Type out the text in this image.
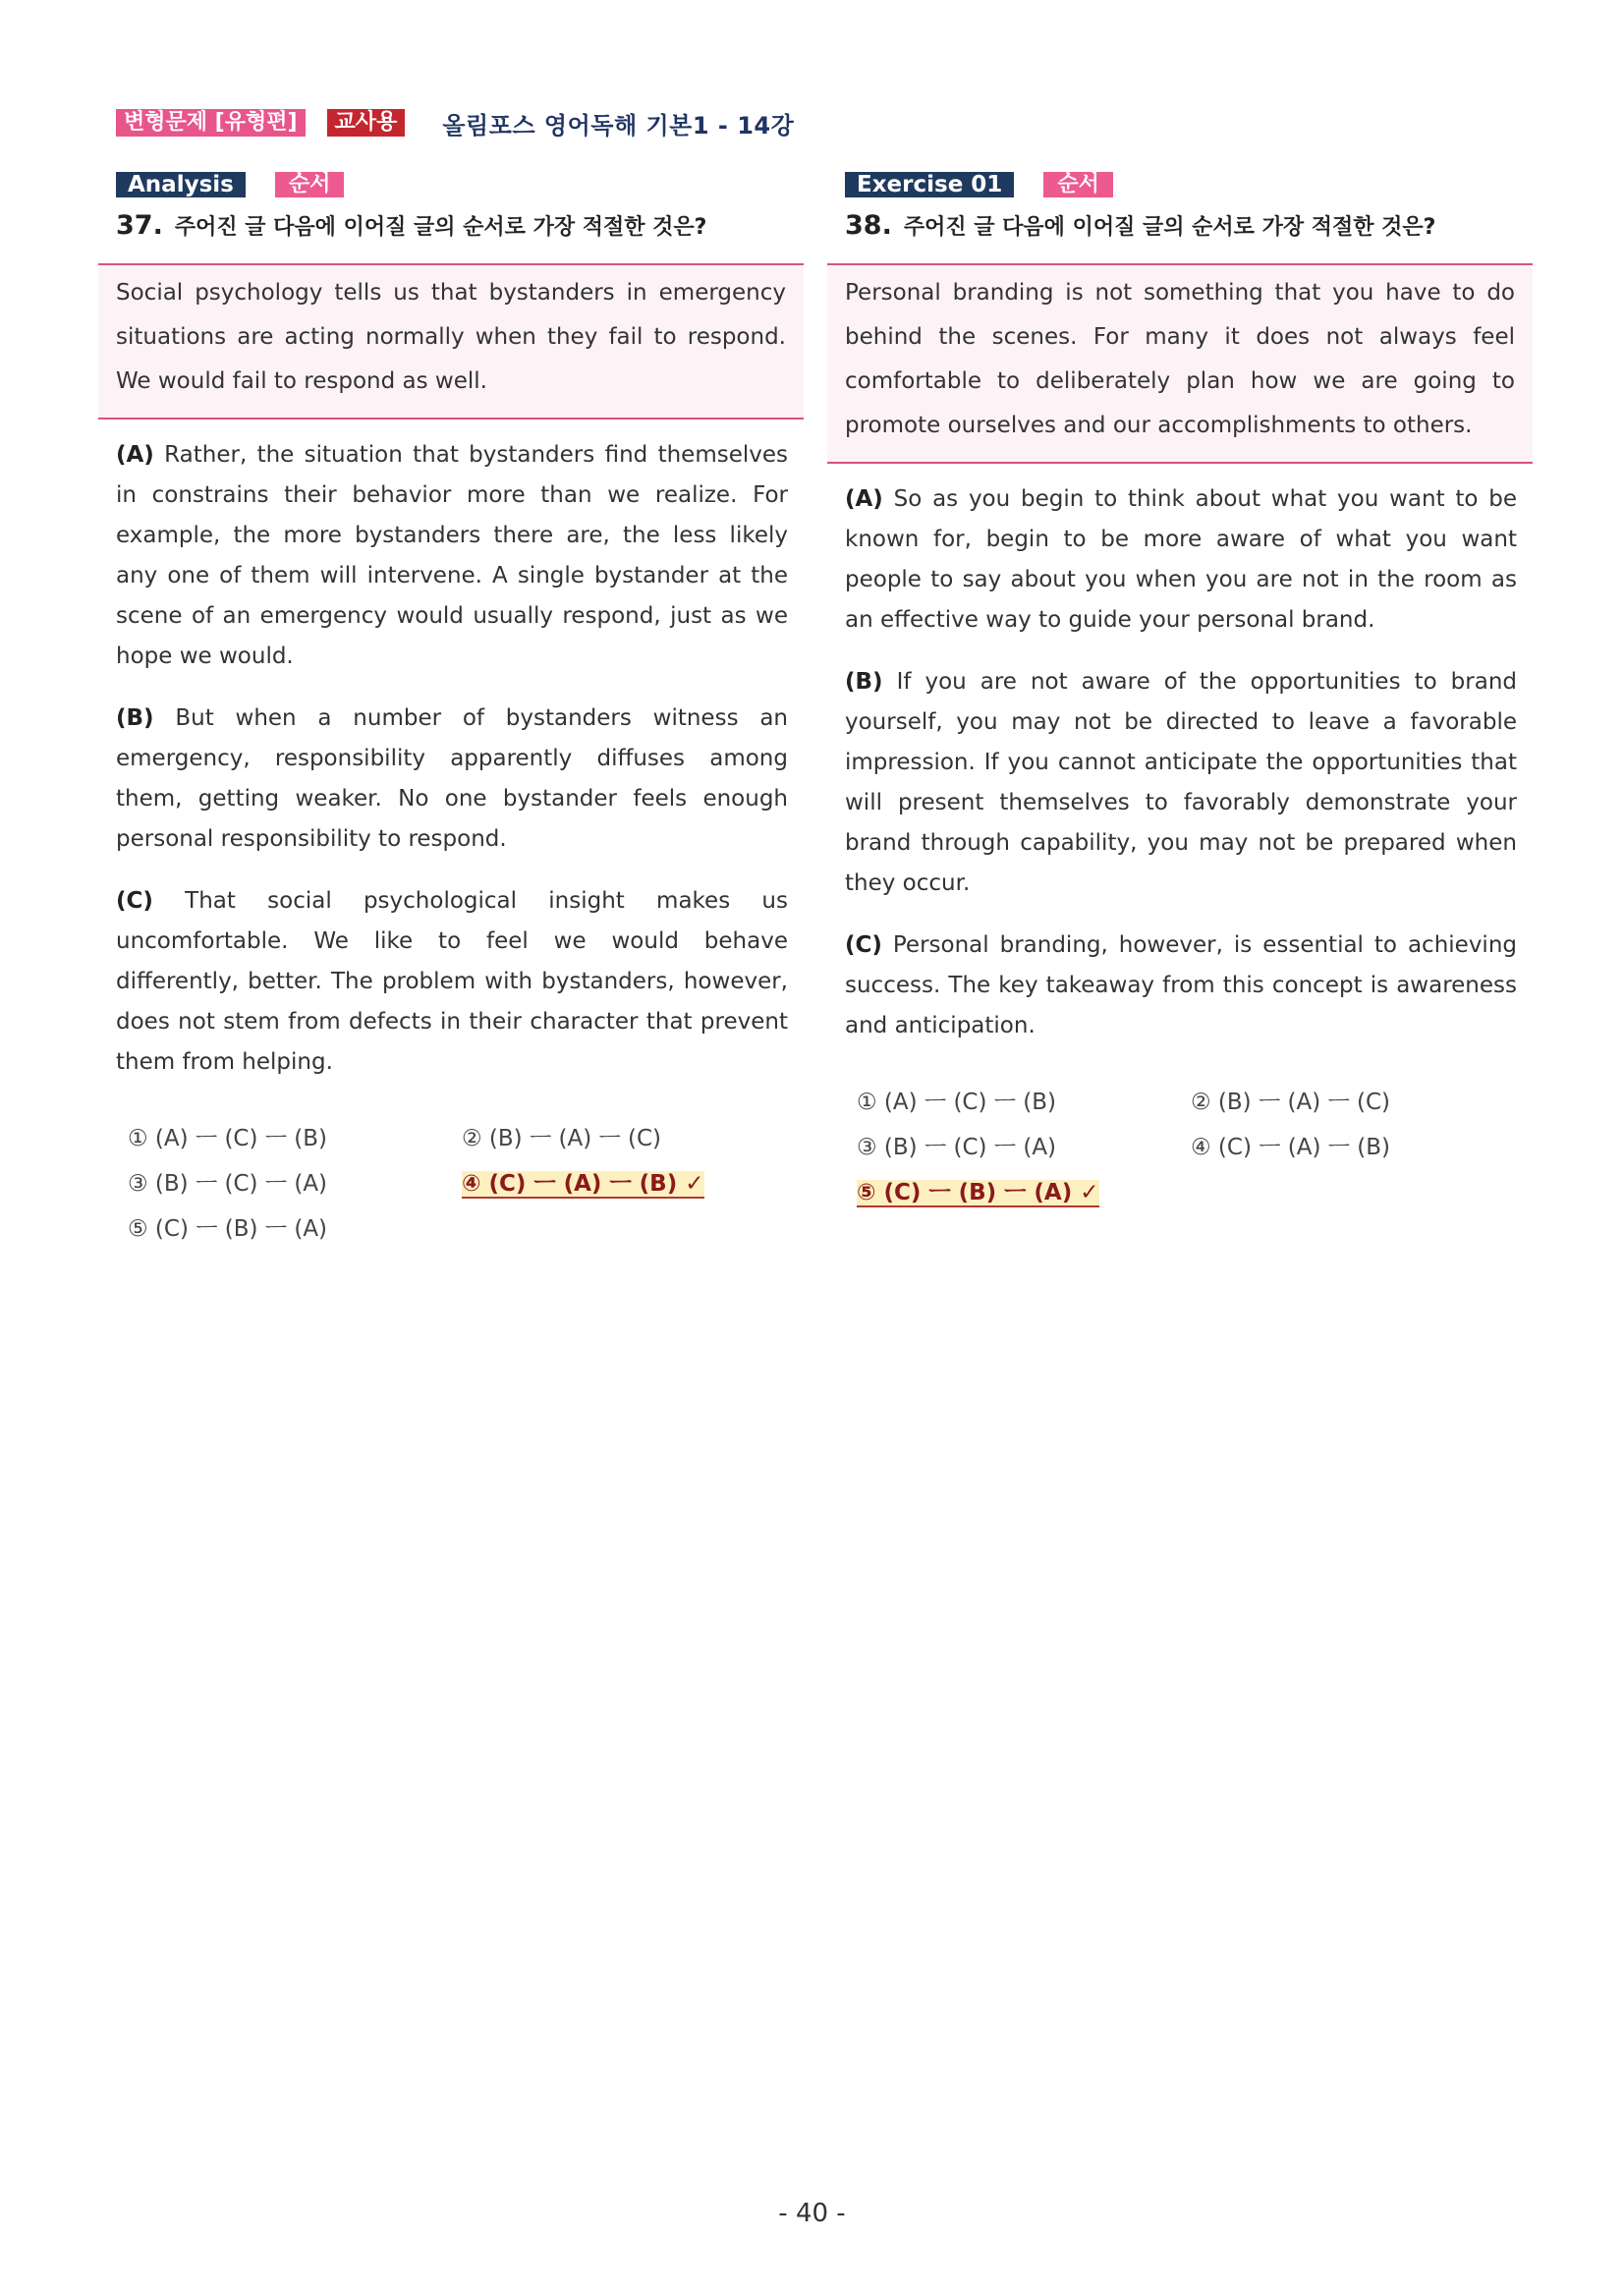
변형문제 [유형편]	교사용	올림포스 영어독해 기본1 - 14강
Analysis	순서
37. 주어진 글 다음에 이어질 글의 순서로 가장 적절한 것은?
Social psychology tells us that bystanders in emergency situations are acting normally when they fail to respond. We would fail to respond as well.
(A) Rather, the situation that bystanders find themselves in constrains their behavior more than we realize. For example, the more bystanders there are, the less likely any one of them will intervene. A single bystander at the scene of an emergency would usually respond, just as we hope we would.
(B) But when a number of bystanders witness an emergency, responsibility apparently diffuses among them, getting weaker. No one bystander feels enough personal responsibility to respond.
(C) That social psychological insight makes us uncomfortable. We like to feel we would behave differently, better. The problem with bystanders, however, does not stem from defects in their character that prevent them from helping.
① (A) ㅡ (C) ㅡ (B)	② (B) ㅡ (A) ㅡ (C)
③ (B) ㅡ (C) ㅡ (A)	④ (C) ㅡ (A) ㅡ (B) ✓
⑤ (C) ㅡ (B) ㅡ (A)
Exercise 01	순서
38. 주어진 글 다음에 이어질 글의 순서로 가장 적절한 것은?
Personal branding is not something that you have to do behind the scenes. For many it does not always feel comfortable to deliberately plan how we are going to promote ourselves and our accomplishments to others.
(A) So as you begin to think about what you want to be known for, begin to be more aware of what you want people to say about you when you are not in the room as an effective way to guide your personal brand.
(B) If you are not aware of the opportunities to brand yourself, you may not be directed to leave a favorable impression. If you cannot anticipate the opportunities that will present themselves to favorably demonstrate your brand through capability, you may not be prepared when they occur.
(C) Personal branding, however, is essential to achieving success. The key takeaway from this concept is awareness and anticipation.
① (A) ㅡ (C) ㅡ (B)	② (B) ㅡ (A) ㅡ (C)
③ (B) ㅡ (C) ㅡ (A)	④ (C) ㅡ (A) ㅡ (B)
⑤ (C) ㅡ (B) ㅡ (A) ✓
- 40 -
